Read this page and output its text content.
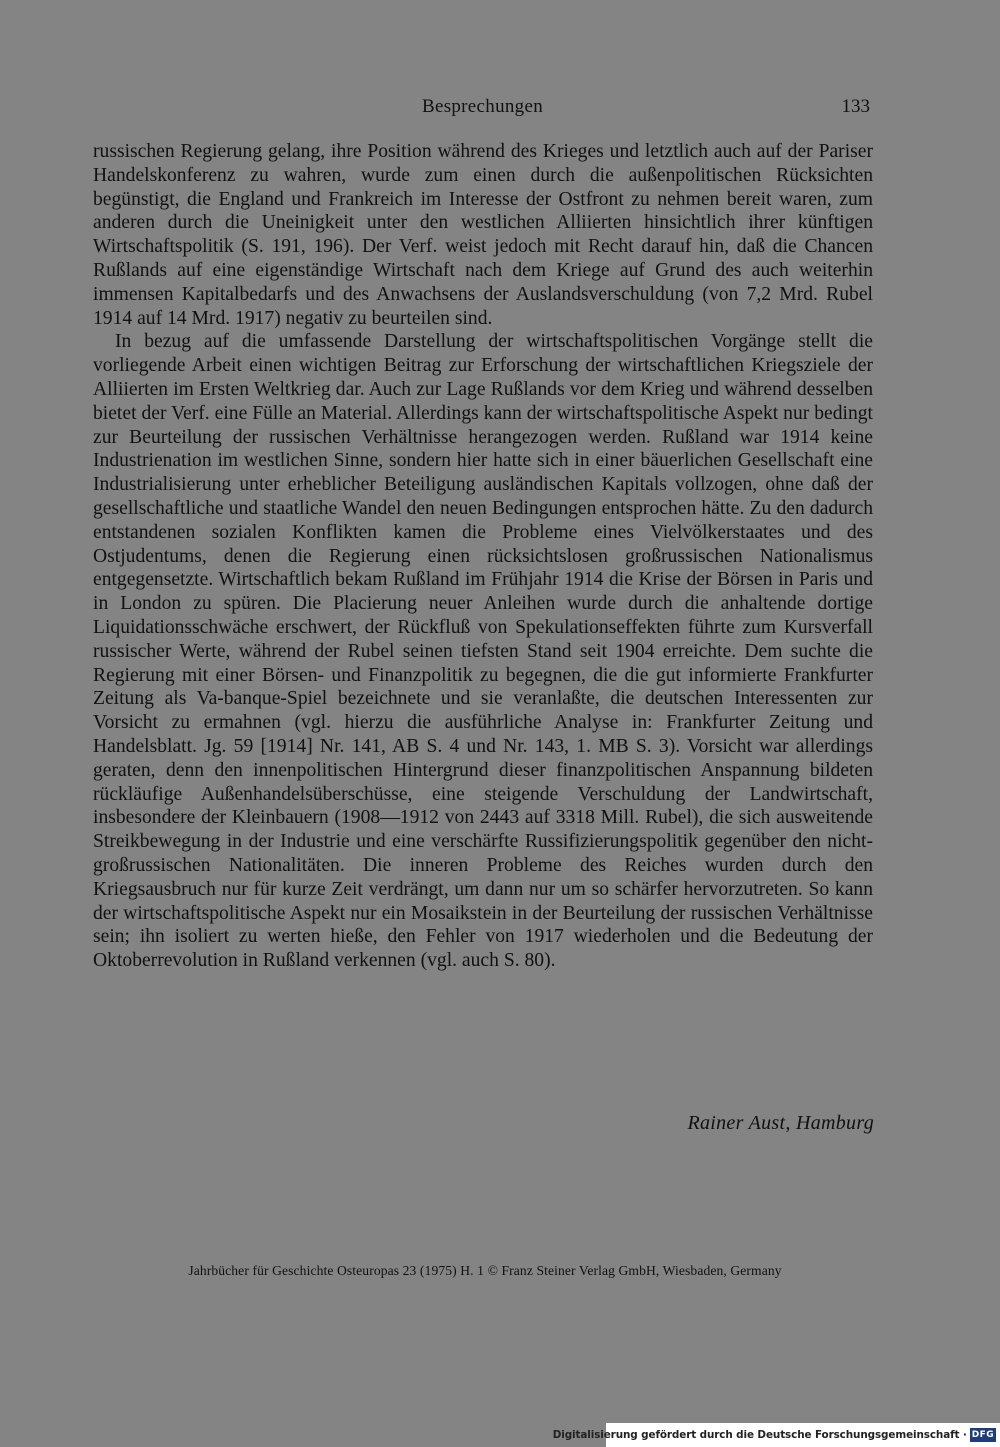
Besprechungen	133

russischen Regierung gelang, ihre Position während des Krieges und letztlich auch auf der Pariser Handelskonferenz zu wahren, wurde zum einen durch die außenpolitischen Rücksichten begünstigt, die England und Frankreich im Interesse der Ostfront zu nehmen bereit waren, zum anderen durch die Uneinigkeit unter den westlichen Alliierten hinsichtlich ihrer künftigen Wirtschaftspolitik (S. 191, 196). Der Verf. weist jedoch mit Recht darauf hin, daß die Chancen Rußlands auf eine eigenständige Wirtschaft nach dem Kriege auf Grund des auch weiterhin immensen Kapitalbedarfs und des Anwachsens der Auslandsverschuldung (von 7,2 Mrd. Rubel 1914 auf 14 Mrd. 1917) negativ zu beurteilen sind.

In bezug auf die umfassende Darstellung der wirtschaftspolitischen Vorgänge stellt die vorliegende Arbeit einen wichtigen Beitrag zur Erforschung der wirtschaftlichen Kriegsziele der Alliierten im Ersten Weltkrieg dar. Auch zur Lage Rußlands vor dem Krieg und während desselben bietet der Verf. eine Fülle an Material. Allerdings kann der wirtschaftspolitische Aspekt nur bedingt zur Beurteilung der russischen Verhältnisse herangezogen werden. Rußland war 1914 keine Industrienation im westlichen Sinne, sondern hier hatte sich in einer bäuerlichen Gesellschaft eine Industrialisierung unter erheblicher Beteiligung ausländischen Kapitals vollzogen, ohne daß der gesellschaftliche und staatliche Wandel den neuen Bedingungen entsprochen hätte. Zu den dadurch entstandenen sozialen Konflikten kamen die Probleme eines Vielvölkerstaates und des Ostjudentums, denen die Regierung einen rücksichtslosen großrussischen Nationalismus entgegensetzte. Wirtschaftlich bekam Rußland im Frühjahr 1914 die Krise der Börsen in Paris und in London zu spüren. Die Placierung neuer Anleihen wurde durch die anhaltende dortige Liquidationsschwäche erschwert, der Rückfluß von Spekulationseffekten führte zum Kursverfall russischer Werte, während der Rubel seinen tiefsten Stand seit 1904 erreichte. Dem suchte die Regierung mit einer Börsen- und Finanzpolitik zu begegnen, die die gut informierte Frankfurter Zeitung als Va-banque-Spiel bezeichnete und sie veranlaßte, die deutschen Interessenten zur Vorsicht zu ermahnen (vgl. hierzu die ausführliche Analyse in: Frankfurter Zeitung und Handelsblatt. Jg. 59 [1914] Nr. 141, AB S. 4 und Nr. 143, 1. MB S. 3). Vorsicht war allerdings geraten, denn den innenpolitischen Hintergrund dieser finanzpolitischen Anspannung bildeten rückläufige Außenhandelsüberschüsse, eine steigende Verschuldung der Landwirtschaft, insbesondere der Kleinbauern (1908—1912 von 2443 auf 3318 Mill. Rubel), die sich ausweitende Streikbewegung in der Industrie und eine verschärfte Russifizierungspolitik gegenüber den nicht-großrussischen Nationalitäten. Die inneren Probleme des Reiches wurden durch den Kriegsausbruch nur für kurze Zeit verdrängt, um dann nur um so schärfer hervorzutreten. So kann der wirtschaftspolitische Aspekt nur ein Mosaikstein in der Beurteilung der russischen Verhältnisse sein; ihn isoliert zu werten hieße, den Fehler von 1917 wiederholen und die Bedeutung der Oktoberrevolution in Rußland verkennen (vgl. auch S. 80).

Rainer Aust, Hamburg
Jahrbücher für Geschichte Osteuropas 23 (1975) H. 1 © Franz Steiner Verlag GmbH, Wiesbaden, Germany
Digitalisierung gefördert durch die Deutsche Forschungsgemeinschaft · DFG
